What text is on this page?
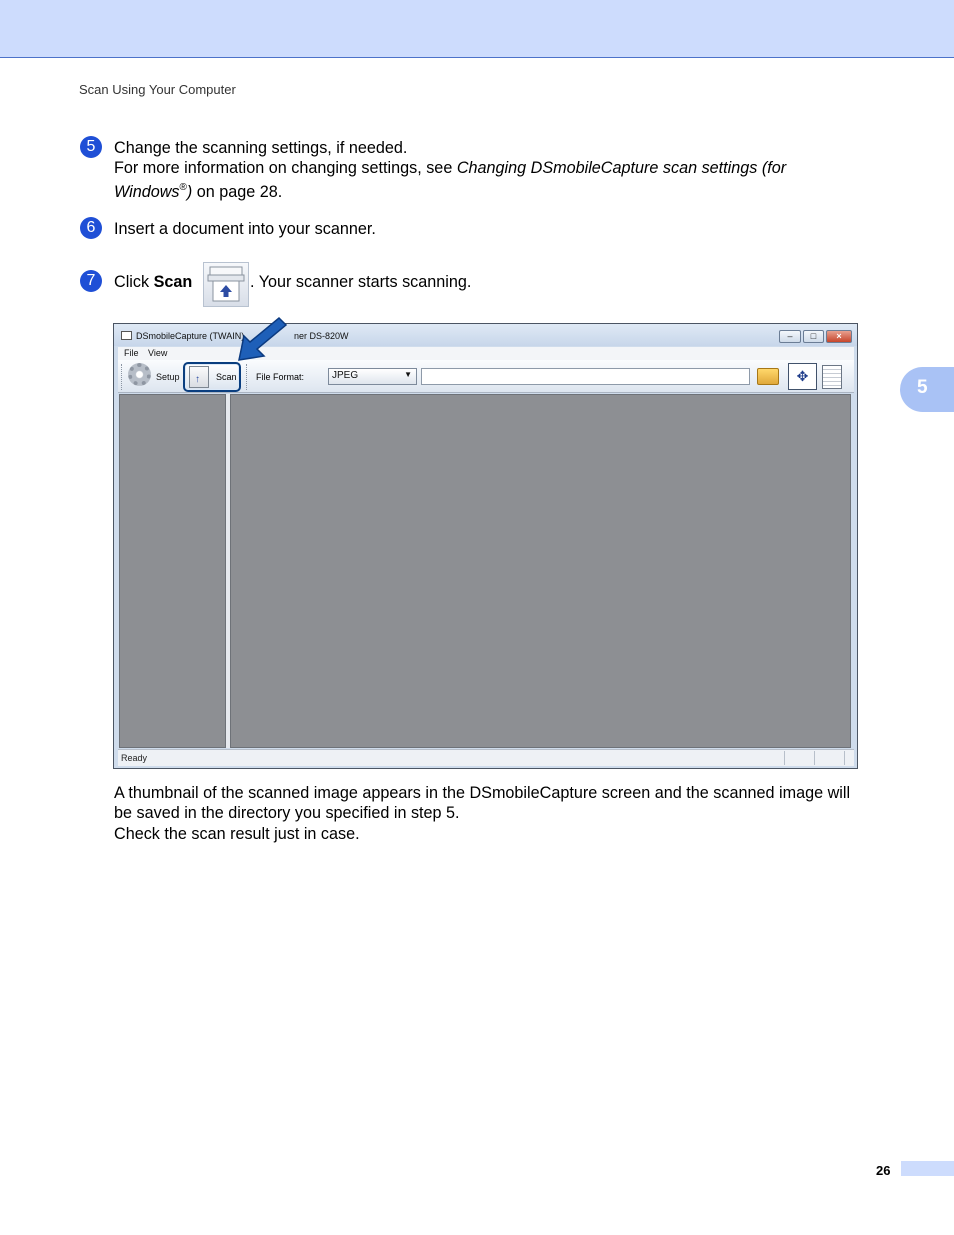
Scan Using Your Computer
5
5	Change the scanning settings, if needed.
For more information on changing settings, see Changing DSmobileCapture scan settings (for
Windows®) on page 28.
6	Insert a document into your scanner.
7	Click Scan	. Your scanner starts scanning.
DSmobileCapture (TWAIN)	ner DS-820W	–	□	×
File View
Setup
↑	Scan File Format:	JPEG	▼	✥
Ready
A thumbnail of the scanned image appears in the DSmobileCapture screen and the scanned image will
be saved in the directory you specified in step 5.
Check the scan result just in case.
26
